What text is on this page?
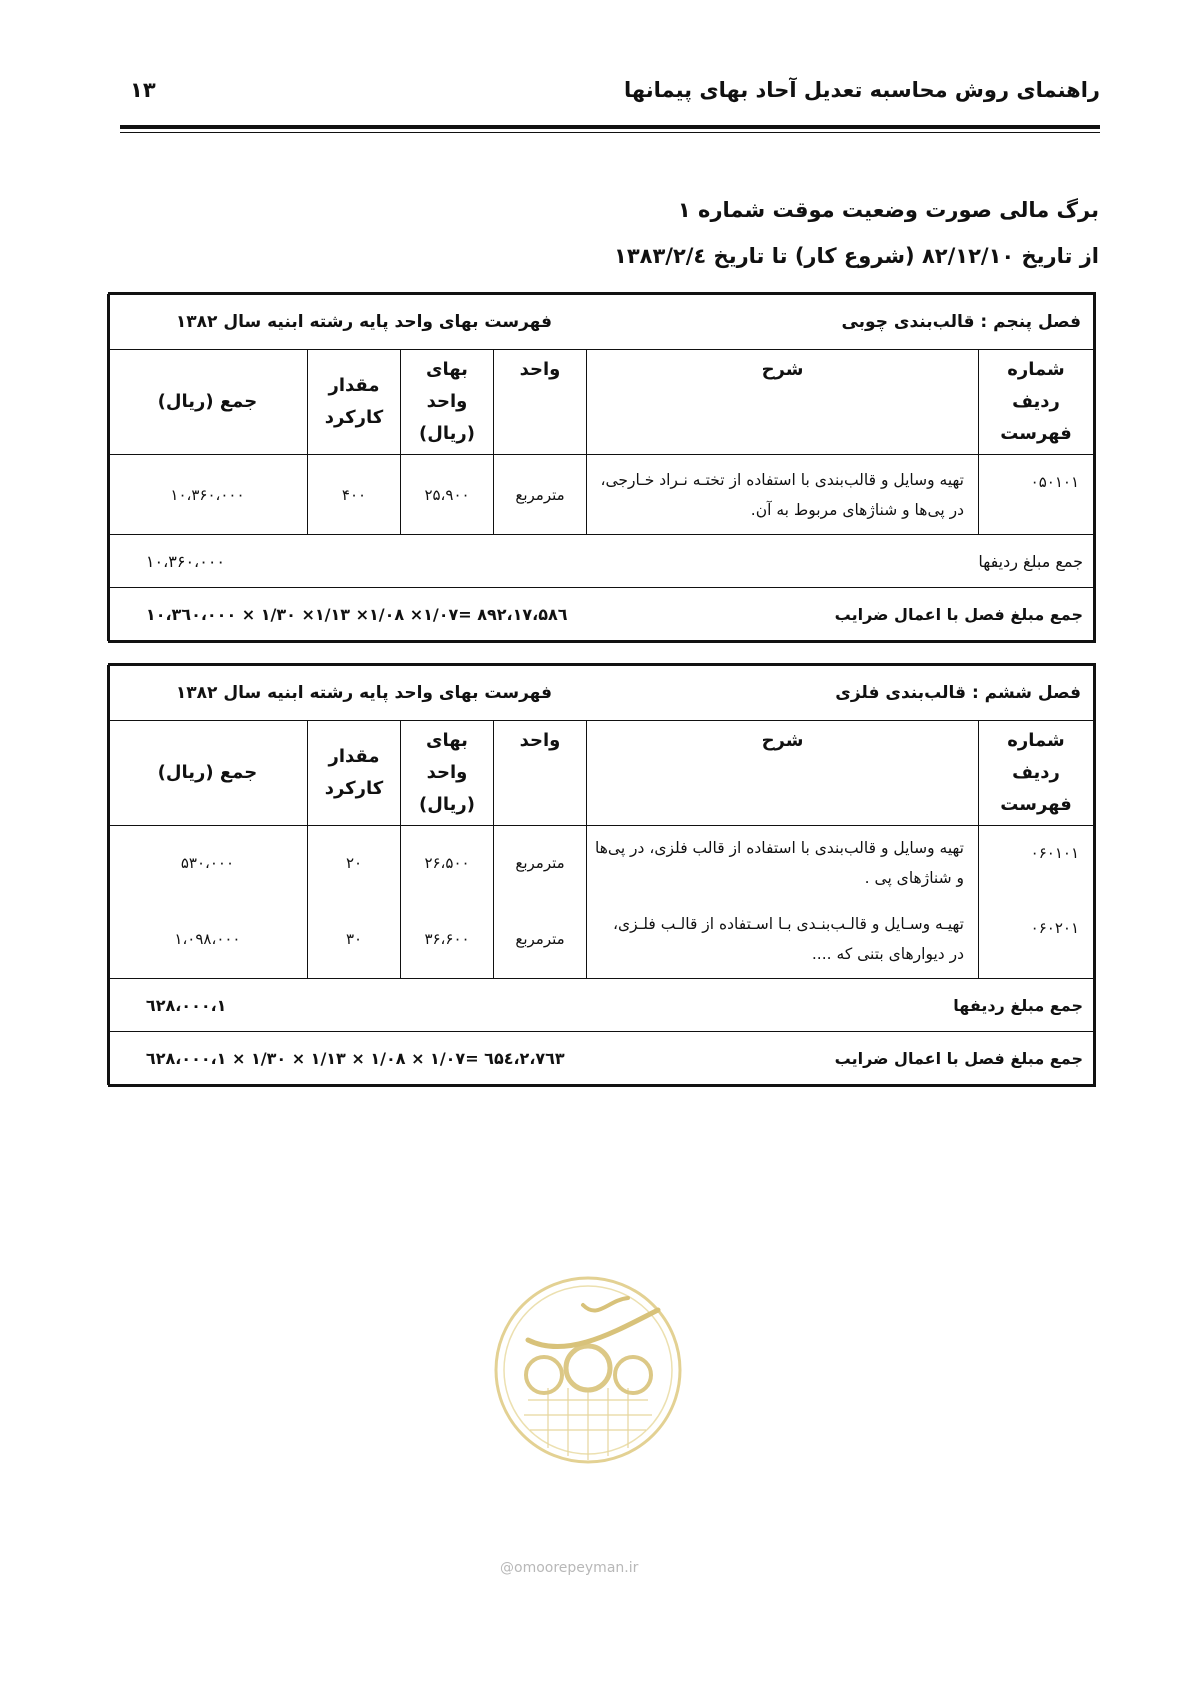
راهنمای روش محاسبه تعدیل آحاد بهای پیمانها
۱۳
برگ مالی صورت وضعیت موقت شماره ۱
از تاریخ ۸۲/۱۲/۱۰ (شروع کار) تا تاریخ ۱۳۸۳/۲/٤
فصل پنجم : قالب‌بندی چوبی
فهرست بهای واحد پایه رشته ابنیه سال ۱۳۸۲					

شماره ردیف فهرست	شرح	واحد	بهای واحد (ریال)	مقدار کارکرد	جمع (ریال)
۰۵۰۱۰۱	تهیه وسایل و قالب‌بندی با استفاده از تختـه نـراد خـارجی، در پی‌ها و شناژهای مربوط به آن.	مترمربع	۲۵،۹۰۰	۴۰۰	۱۰،۳۶۰،۰۰۰

جمع مبلغ ردیفها
۱۰،۳۶۰،۰۰۰					

جمع مبلغ فصل با اعمال ضرایب
۱۷،۵۸٦،۸۹۲ =۱/۰۷× ۱/۰۸× ۱/۱۳× ۱/۳۰ × ۱۰،۳٦۰،۰۰۰					
فصل ششم : قالب‌بندی فلزی
فهرست بهای واحد پایه رشته ابنیه سال ۱۳۸۲					

شماره ردیف فهرست	شرح	واحد	بهای واحد (ریال)	مقدار کارکرد	جمع (ریال)
۰۶۰۱۰۱	تهیه وسایل و قالب‌بندی با استفاده از قالب فلزی، در پی‌ها و شناژهای پی .	مترمربع	۲۶،۵۰۰	۲۰	۵۳۰،۰۰۰
۰۶۰۲۰۱	تهیـه وسـایل و قالـب‌بنـدی بـا اسـتفاده از قالـب فلـزی، در دیوارهای بتنی که ....	مترمربع	۳۶،۶۰۰	۳۰	۱،۰۹۸،۰۰۰

جمع مبلغ ردیفها
۱،٦۲۸،۰۰۰					

جمع مبلغ فصل با اعمال ضرایب
۲،۷٦۳،٦۵٤ =۱/۰۷ × ۱/۰۸ × ۱/۱۳ × ۱/۳۰ × ۱،٦۲۸،۰۰۰					
@omoorepeyman.ir
